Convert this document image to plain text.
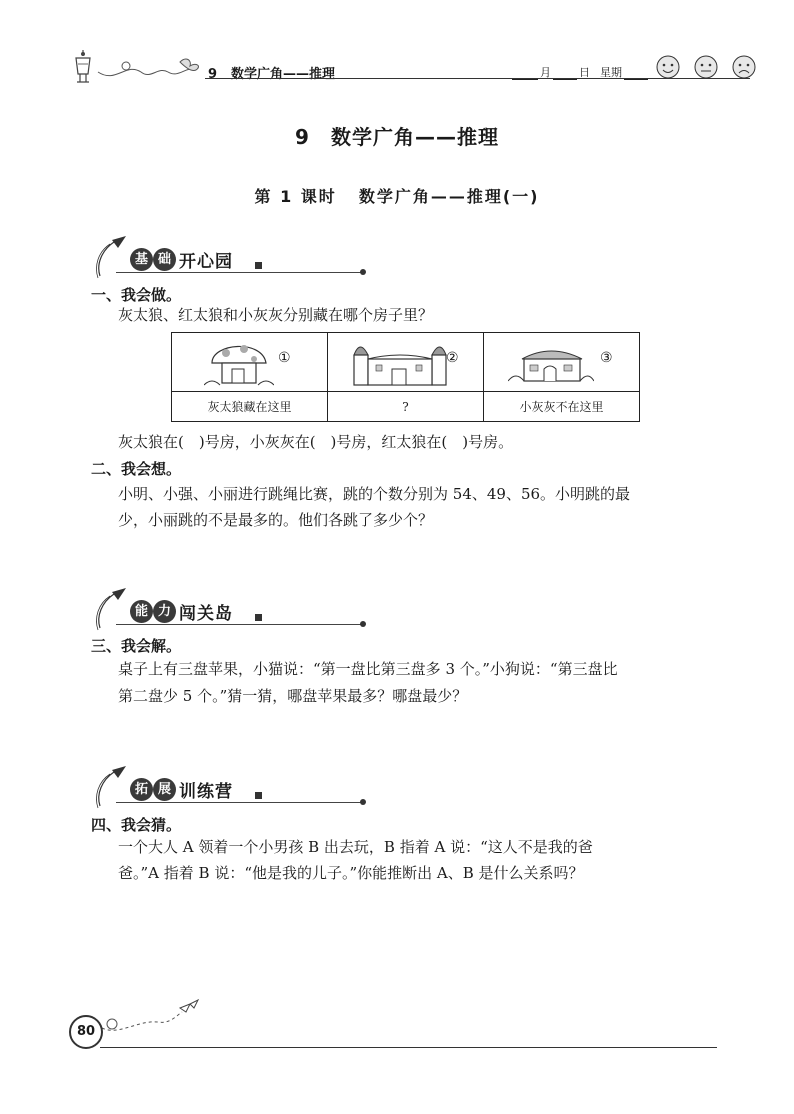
9 数学广角——推理	月	日 星期
9　数学广角——推理
第 1 课时 数学广角——推理(一)
基 础 开心园
一、我会做。
灰太狼、红太狼和小灰灰分别藏在哪个房子里？
①	②	③

灰太狼藏在这里	?	小灰灰不在这里
灰太狼在(　)号房，小灰灰在(　)号房，红太狼在(　)号房。
二、我会想。
小明、小强、小丽进行跳绳比赛，跳的个数分别为 54、49、56。小明跳的最
少，小丽跳的不是最多的。他们各跳了多少个？
能 力 闯关岛
三、我会解。
桌子上有三盘苹果，小猫说：“第一盘比第三盘多 3 个。”小狗说：“第三盘比
第二盘少 5 个。”猜一猜，哪盘苹果最多？哪盘最少？
拓 展 训练营
四、我会猜。
一个大人 A 领着一个小男孩 B 出去玩，B 指着 A 说：“这人不是我的爸
爸。”A 指着 B 说：“他是我的儿子。”你能推断出 A、B 是什么关系吗？
80
